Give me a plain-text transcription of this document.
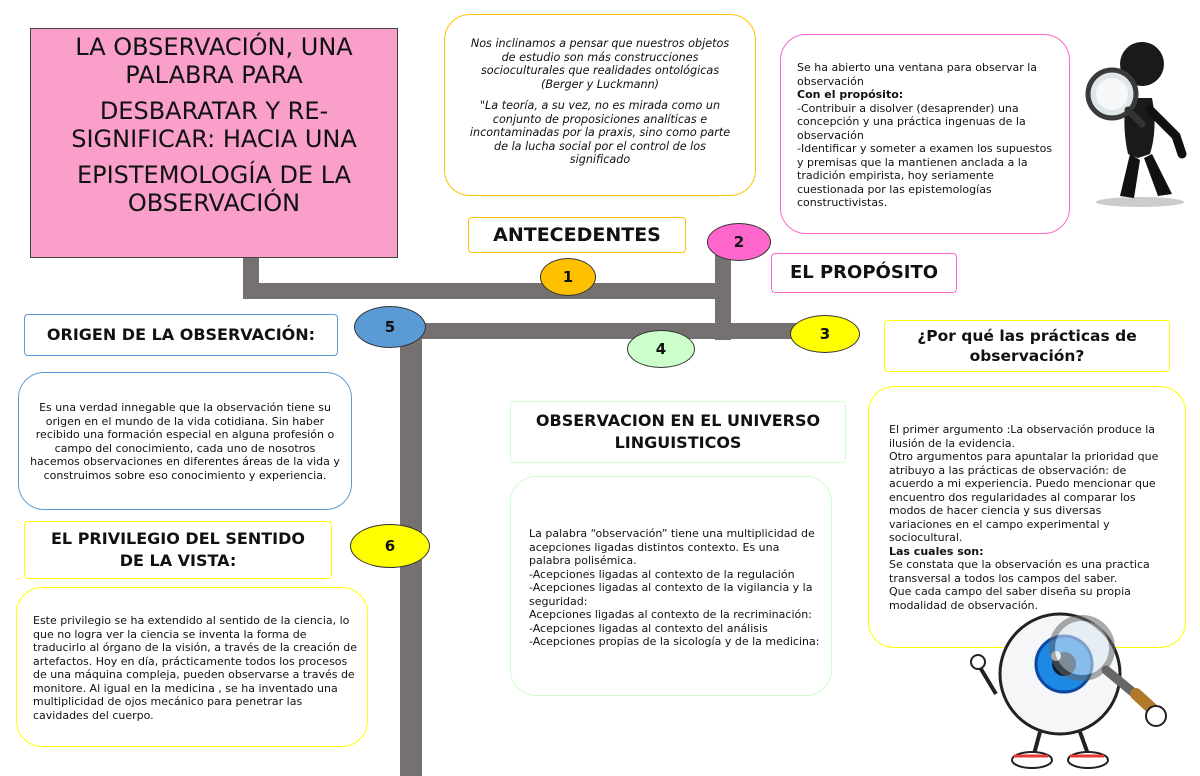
LA OBSERVACIÓN, UNA

PALABRA PARA

DESBARATAR Y RE-

SIGNIFICAR: HACIA UNA

EPISTEMOLOGÍA DE LA

OBSERVACIÓN

Nos inclinamos a pensar que nuestros objetos

de estudio son más construcciones

socioculturales que realidades ontológicas

(Berger y Luckmann)

"La teoría, a su vez, no es mirada como un

conjunto de proposiciones analíticas e

incontaminadas por la praxis, sino como parte

de la lucha social por el control de los

significado

Se ha abierto una ventana para observar la
observación
Con el propósito:
-Contribuir a disolver (desaprender) una
concepción y una práctica ingenuas de la
observación
-Identificar y someter a examen los supuestos
y premisas que la mantienen anclada a la
tradición empirista, hoy seriamente
cuestionada por las epistemologías
constructivistas.
ANTECEDENTES
EL PROPÓSITO
ORIGEN DE LA OBSERVACIÓN:	¿Por qué las prácticas de
observación?
OBSERVACION EN EL UNIVERSO
LINGUISTICOS
EL PRIVILEGIO DEL SENTIDO
DE LA VISTA:
1
2
3
4
5
6
Es una verdad innegable que la observación tiene su
origen en el mundo de la vida cotidiana. Sin haber
recibido una formación especial en alguna profesión o
campo del conocimiento, cada uno de nosotros
hacemos observaciones en diferentes áreas de la vida y
construimos sobre eso conocimiento y experiencia.
Este privilegio se ha extendido al sentido de la ciencia, lo
que no logra ver la ciencia se inventa la forma de
traducirlo al órgano de la visión, a través de la creación de
artefactos. Hoy en día, prácticamente todos los procesos
de una máquina compleja, pueden observarse a través de
monitore. Al igual en la medicina , se ha inventado una
multiplicidad de ojos mecánico para penetrar las
cavidades del cuerpo.
La palabra “observación” tiene una multiplicidad de
acepciones ligadas distintos contexto. Es una
palabra polisémica.
-Acepciones ligadas al contexto de la regulación
-Acepciones ligadas al contexto de la vigilancia y la
seguridad:
Acepciones ligadas al contexto de la recriminación:
-Acepciones ligadas al contexto del análisis
-Acepciones propias de la sicología y de la medicina:
El primer argumento :La observación produce la
ilusión de la evidencia.
Otro argumentos para apuntalar la prioridad que
atribuyo a las prácticas de observación: de
acuerdo a mi experiencia. Puedo mencionar que
encuentro dos regularidades al comparar los
modos de hacer ciencia y sus diversas
variaciones en el campo experimental y
sociocultural.
Las cuales son:
Se constata que la observación es una practica
transversal a todos los campos del saber.
Que cada campo del saber diseña su propia
modalidad de observación.
